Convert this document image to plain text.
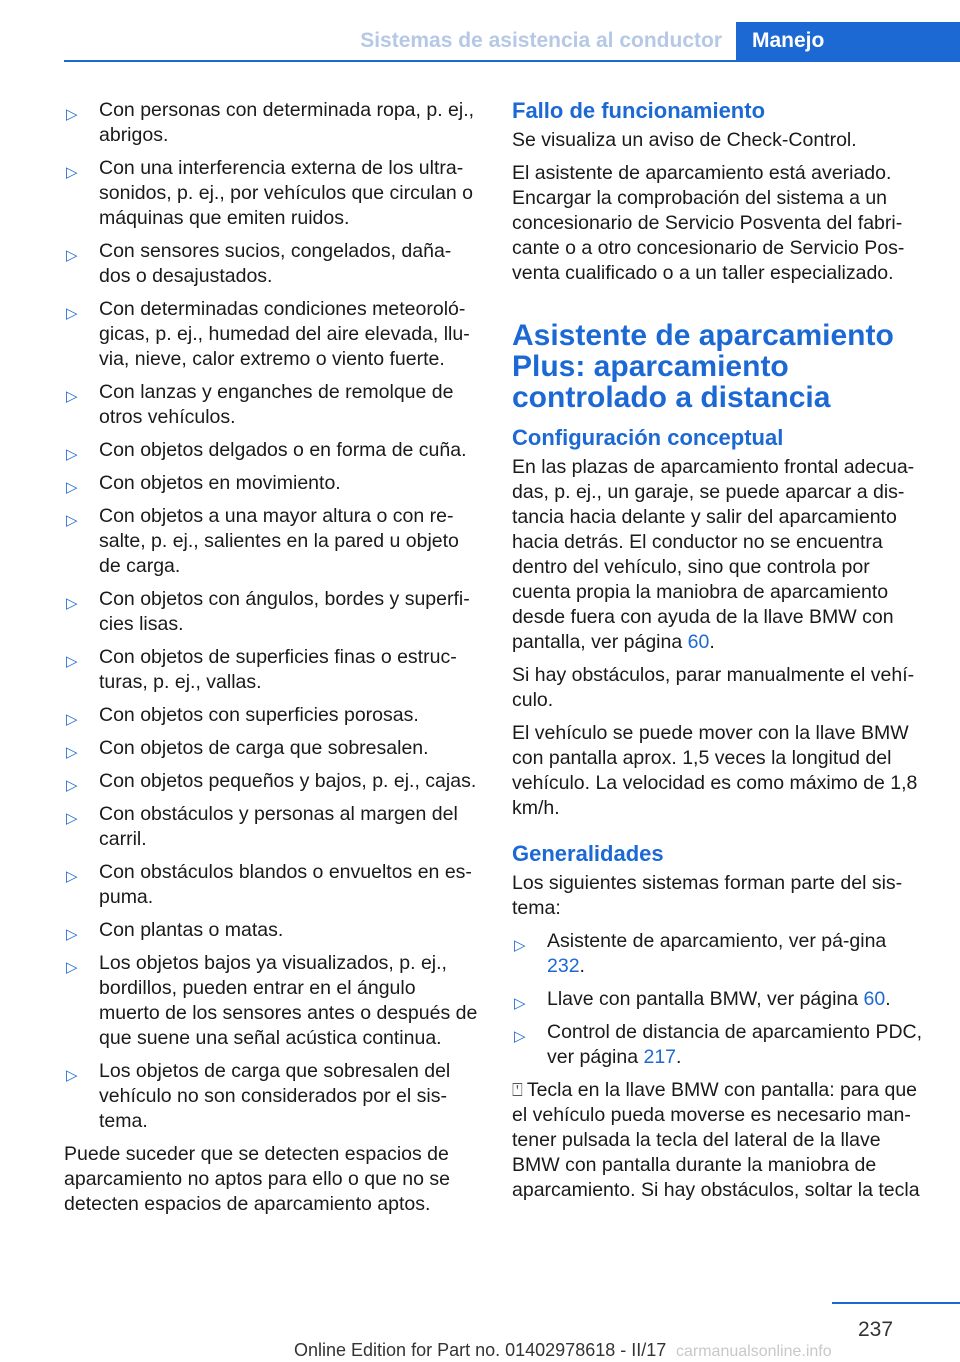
Sistemas de asistencia al conductor	Manejo
▷ Con personas con determinada ropa, p. ej., abrigos.
▷ Con una interferencia externa de los ultra-sonidos, p. ej., por vehículos que circulan o máquinas que emiten ruidos.
▷ Con sensores sucios, congelados, daña-dos o desajustados.
▷ Con determinadas condiciones meteoroló-gicas, p. ej., humedad del aire elevada, llu-via, nieve, calor extremo o viento fuerte.
▷ Con lanzas y enganches de remolque de otros vehículos.
▷ Con objetos delgados o en forma de cuña.
▷ Con objetos en movimiento.
▷ Con objetos a una mayor altura o con re-salte, p. ej., salientes en la pared u objeto de carga.
▷ Con objetos con ángulos, bordes y superfi-cies lisas.
▷ Con objetos de superficies finas o estruc-turas, p. ej., vallas.
▷ Con objetos con superficies porosas.
▷ Con objetos de carga que sobresalen.
▷ Con objetos pequeños y bajos, p. ej., cajas.
▷ Con obstáculos y personas al margen del carril.
▷ Con obstáculos blandos o envueltos en es-puma.
▷ Con plantas o matas.
▷ Los objetos bajos ya visualizados, p. ej., bordillos, pueden entrar en el ángulo muerto de los sensores antes o después de que suene una señal acústica continua.
▷ Los objetos de carga que sobresalen del vehículo no son considerados por el sis-tema.

Puede suceder que se detecten espacios de aparcamiento no aptos para ello o que no se detecten espacios de aparcamiento aptos.

Fallo de funcionamiento

Se visualiza un aviso de Check-Control.

El asistente de aparcamiento está averiado. Encargar la comprobación del sistema a un concesionario de Servicio Posventa del fabri-cante o a otro concesionario de Servicio Pos-venta cualificado o a un taller especializado.

Asistente de aparcamiento Plus: aparcamiento controlado a distancia
Configuración conceptual

En las plazas de aparcamiento frontal adecua-das, p. ej., un garaje, se puede aparcar a dis-tancia hacia delante y salir del aparcamiento hacia detrás. El conductor no se encuentra dentro del vehículo, sino que controla por cuenta propia la maniobra de aparcamiento desde fuera con ayuda de la llave BMW con pantalla, ver página 60.

Si hay obstáculos, parar manualmente el vehí-culo.

El vehículo se puede mover con la llave BMW con pantalla aprox. 1,5 veces la longitud del vehículo. La velocidad es como máximo de 1,8 km/h.

Generalidades

Los siguientes sistemas forman parte del sis-tema:

▷ Asistente de aparcamiento, ver pá-gina 232.
▷ Llave con pantalla BMW, ver página 60.
▷ Control de distancia de aparcamiento PDC, ver página 217.

⍞ Tecla en la llave BMW con pantalla: para que el vehículo pueda moverse es necesario man-tener pulsada la tecla del lateral de la llave BMW con pantalla durante la maniobra de aparcamiento. Si hay obstáculos, soltar la tecla

237
Online Edition for Part no. 01402978618 - II/17 carmanualsonline.info
